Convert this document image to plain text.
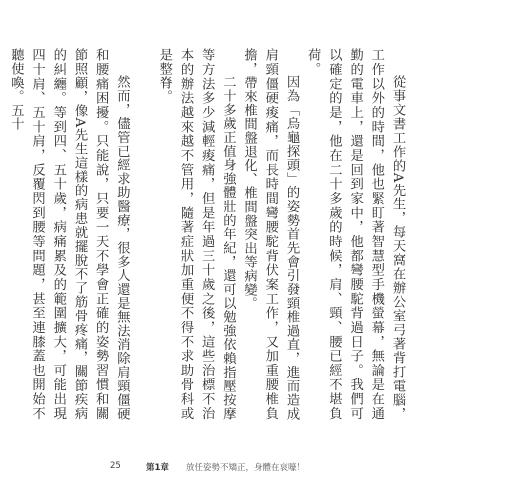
從事文書工作的A先生，每天窩在辦公室弓著背打電腦，工作以外的時間，他也緊盯著智慧型手機螢幕，無論是在通勤的電車上，還是回到家中，他都彎腰駝背過日子。我們可以確定的是，他在二十多歲的時候，肩、頸、腰已經不堪負荷。

因為「烏龜探頭」的姿勢首先會引發頸椎過直，進而造成肩頸僵硬痠痛，而長時間彎腰駝背伏案工作，又加重腰椎負擔，帶來椎間盤退化、椎間盤突出等病變。

二十多歲正值身強體壯的年紀，還可以勉強依賴指壓按摩等方法多少減輕痠痛，但是年過三十歲之後，這些治標不治本的辦法越來越不管用，隨著症狀加重便不得不求助骨科或是整脊。

然而，儘管已經求助醫療，很多人還是無法消除肩頸僵硬和腰痛困擾。只能說，只要一天不學會正確的姿勢習慣和關節照顧，像A先生這樣的病患就擺脫不了筋骨疼痛，關節疾病的糾纏。等到四、五十歲，病痛累及的範圍擴大，可能出現四十肩、五十肩，反覆閃到腰等問題，甚至連膝蓋也開始不聽使喚。五十

25	第1章 放任姿勢不矯正，身體在哀嚎！
